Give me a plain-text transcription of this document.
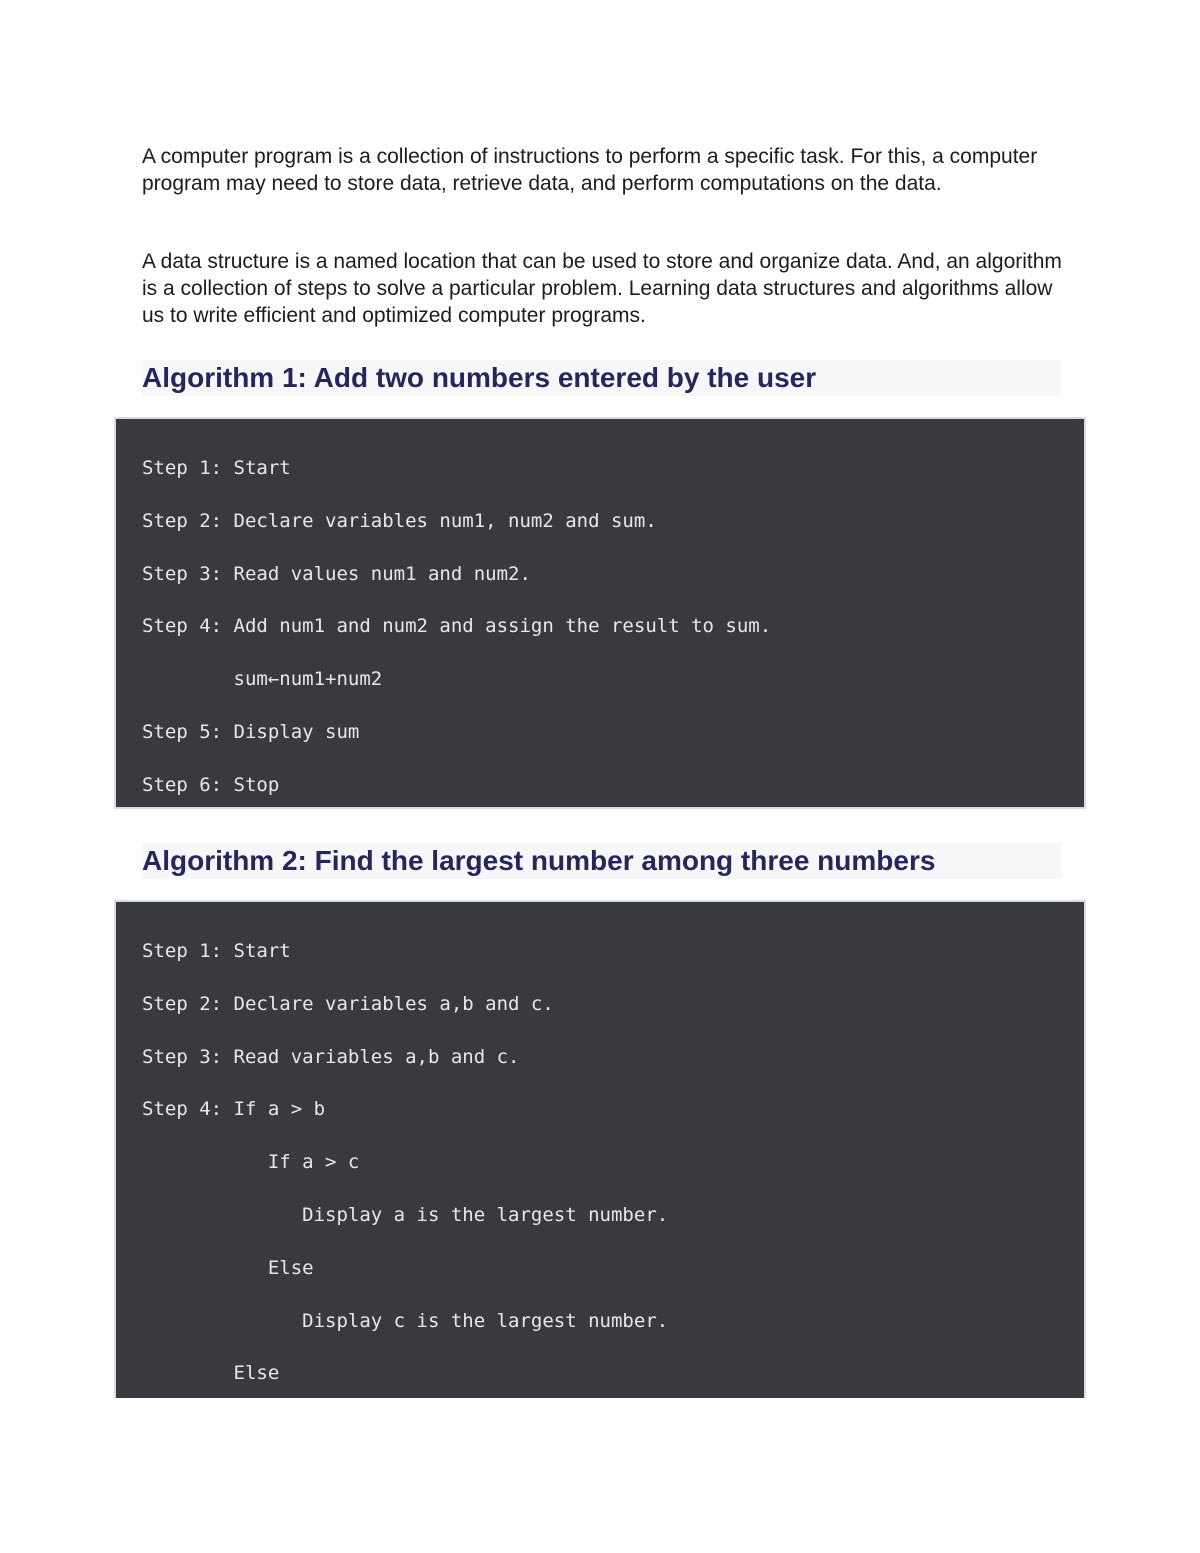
A computer program is a collection of instructions to perform a specific task. For this, a computer program may need to store data, retrieve data, and perform computations on the data.

A data structure is a named location that can be used to store and organize data. And, an algorithm is a collection of steps to solve a particular problem. Learning data structures and algorithms allow us to write efficient and optimized computer programs.

Algorithm 1: Add two numbers entered by the user
Step 1: Start
Step 2: Declare variables num1, num2 and sum.
Step 3: Read values num1 and num2.
Step 4: Add num1 and num2 and assign the result to sum.
sum←num1+num2
Step 5: Display sum
Step 6: Stop
Algorithm 2: Find the largest number among three numbers
Step 1: Start
Step 2: Declare variables a,b and c.
Step 3: Read variables a,b and c.
Step 4: If a > b
If a > c
Display a is the largest number.
Else
Display c is the largest number.
Else
